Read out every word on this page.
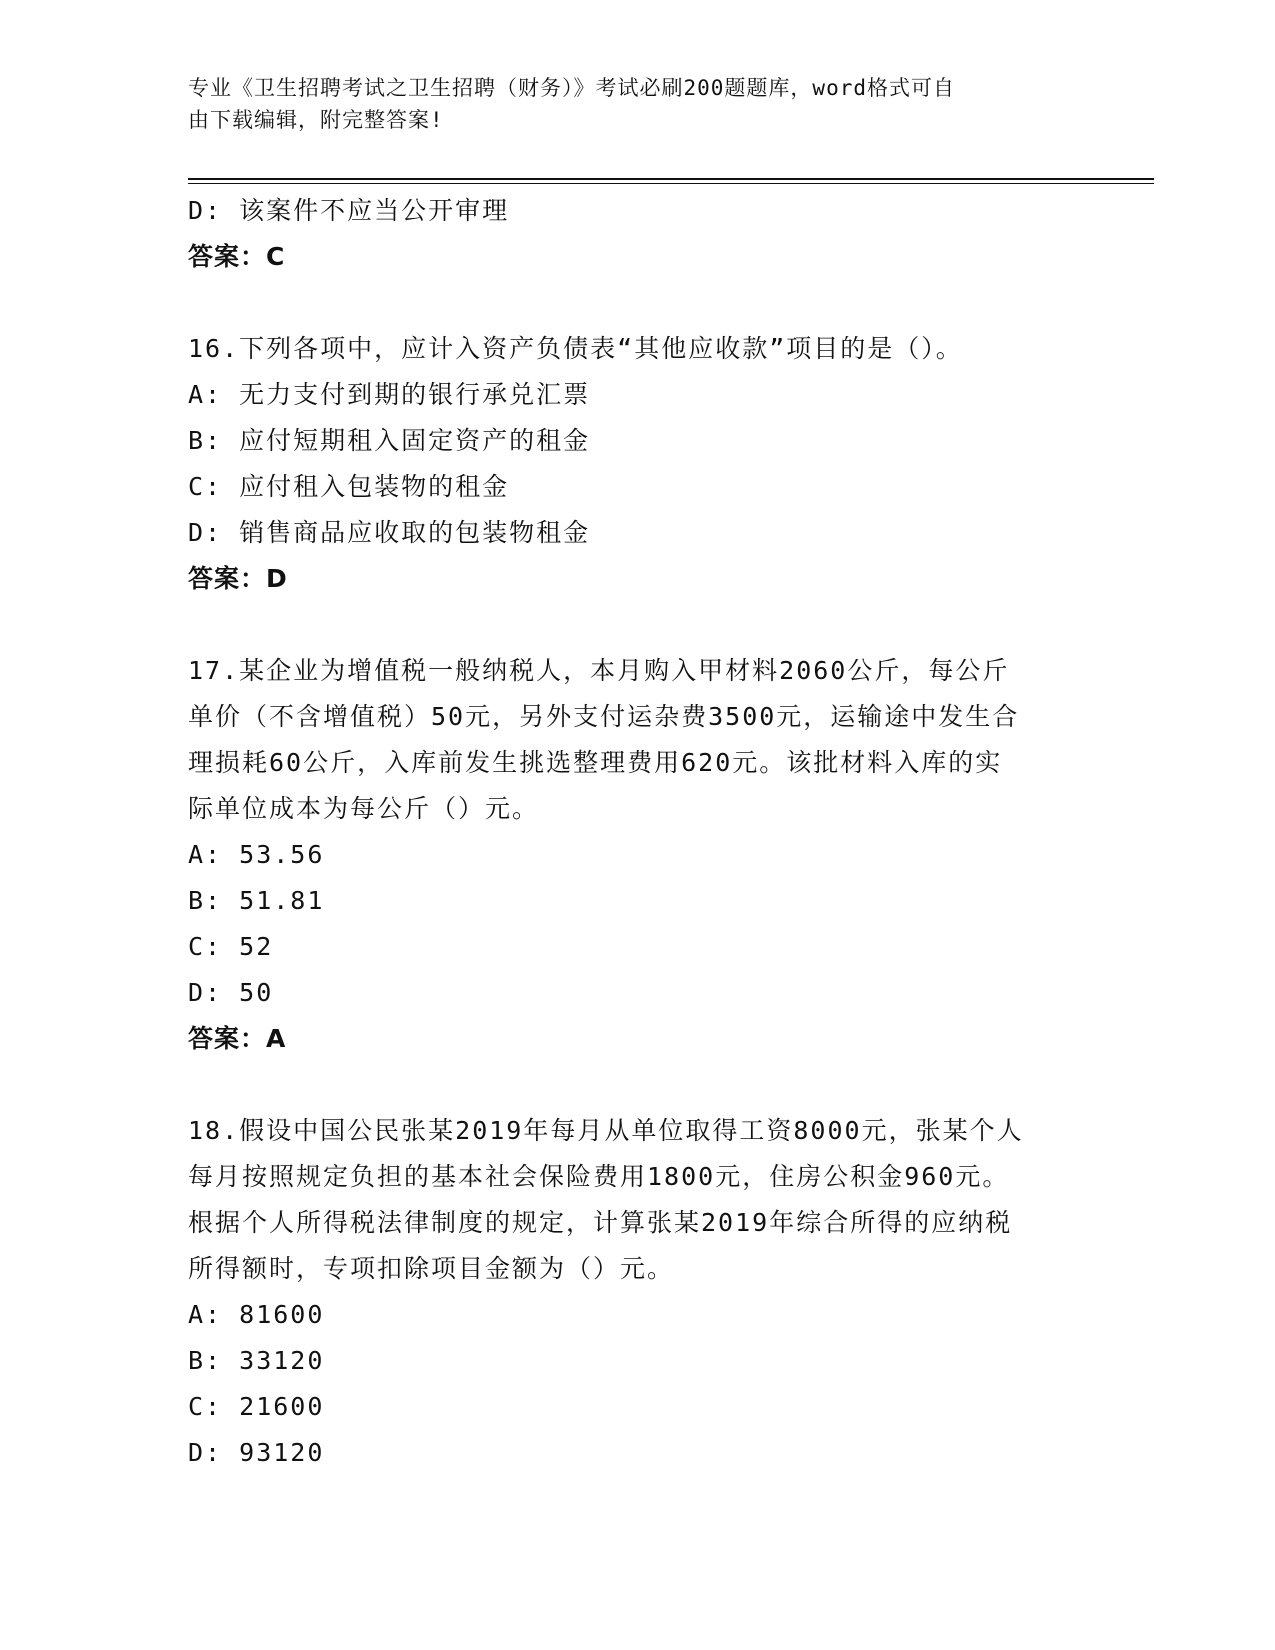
专业《卫生招聘考试之卫生招聘（财务）》考试必刷200题题库，word格式可自
由下载编辑，附完整答案!
D: 该案件不应当公开审理
答案：C
16.下列各项中，应计入资产负债表“其他应收款”项目的是（）。
A: 无力支付到期的银行承兑汇票
B: 应付短期租入固定资产的租金
C: 应付租入包装物的租金
D: 销售商品应收取的包装物租金
答案：D
17.某企业为增值税一般纳税人，本月购入甲材料2060公斤，每公斤
单价（不含增值税）50元，另外支付运杂费3500元，运输途中发生合
理损耗60公斤，入库前发生挑选整理费用620元。该批材料入库的实
际单位成本为每公斤（）元。
A: 53.56
B: 51.81
C: 52
D: 50
答案：A
18.假设中国公民张某2019年每月从单位取得工资8000元，张某个人
每月按照规定负担的基本社会保险费用1800元，住房公积金960元。
根据个人所得税法律制度的规定，计算张某2019年综合所得的应纳税
所得额时，专项扣除项目金额为（）元。
A: 81600
B: 33120
C: 21600
D: 93120
